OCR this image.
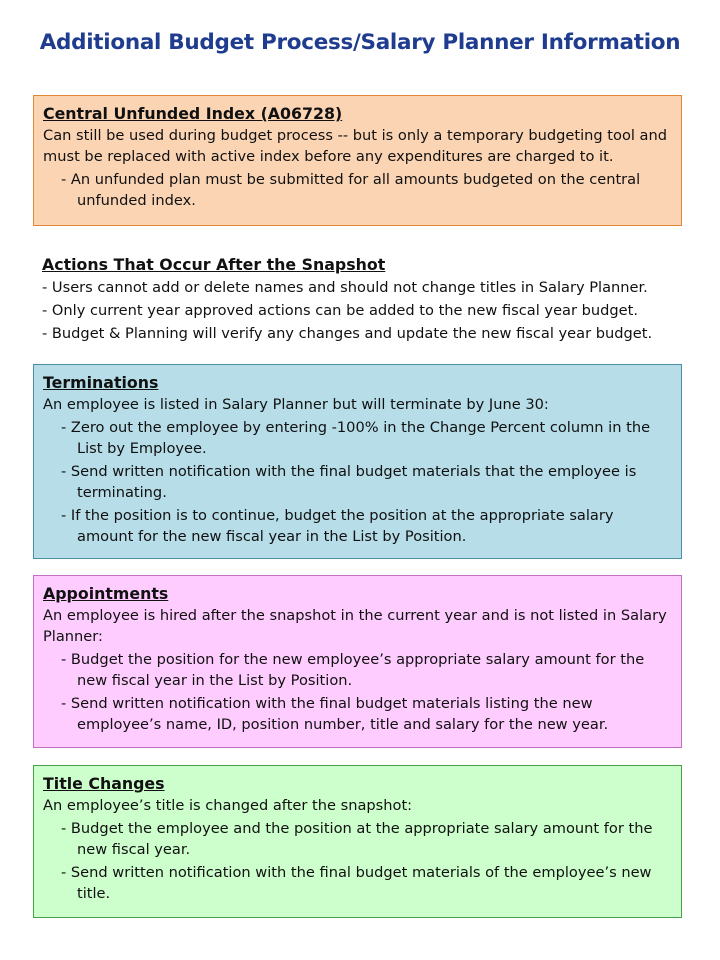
Additional Budget Process/Salary Planner Information
Central Unfunded Index (A06728)

Can still be used during budget process -- but is only a temporary budgeting tool and must be replaced with active index before any expenditures are charged to it.

- An unfunded plan must be submitted for all amounts budgeted on the central unfunded index.
Actions That Occur After the Snapshot

- Users cannot add or delete names and should not change titles in Salary Planner.

- Only current year approved actions can be added to the new fiscal year budget.

- Budget & Planning will verify any changes and update the new fiscal year budget.

Terminations

An employee is listed in Salary Planner but will terminate by June 30:

- Zero out the employee by entering -100% in the Change Percent column in the List by Employee.
- Send written notification with the final budget materials that the employee is terminating.
- If the position is to continue, budget the position at the appropriate salary amount for the new fiscal year in the List by Position.
Appointments

An employee is hired after the snapshot in the current year and is not listed in Salary Planner:

- Budget the position for the new employee’s appropriate salary amount for the new fiscal year in the List by Position.
- Send written notification with the final budget materials listing the new employee’s name, ID, position number, title and salary for the new year.
Title Changes

An employee’s title is changed after the snapshot:

- Budget the employee and the position at the appropriate salary amount for the new fiscal year.
- Send written notification with the final budget materials of the employee’s new title.
